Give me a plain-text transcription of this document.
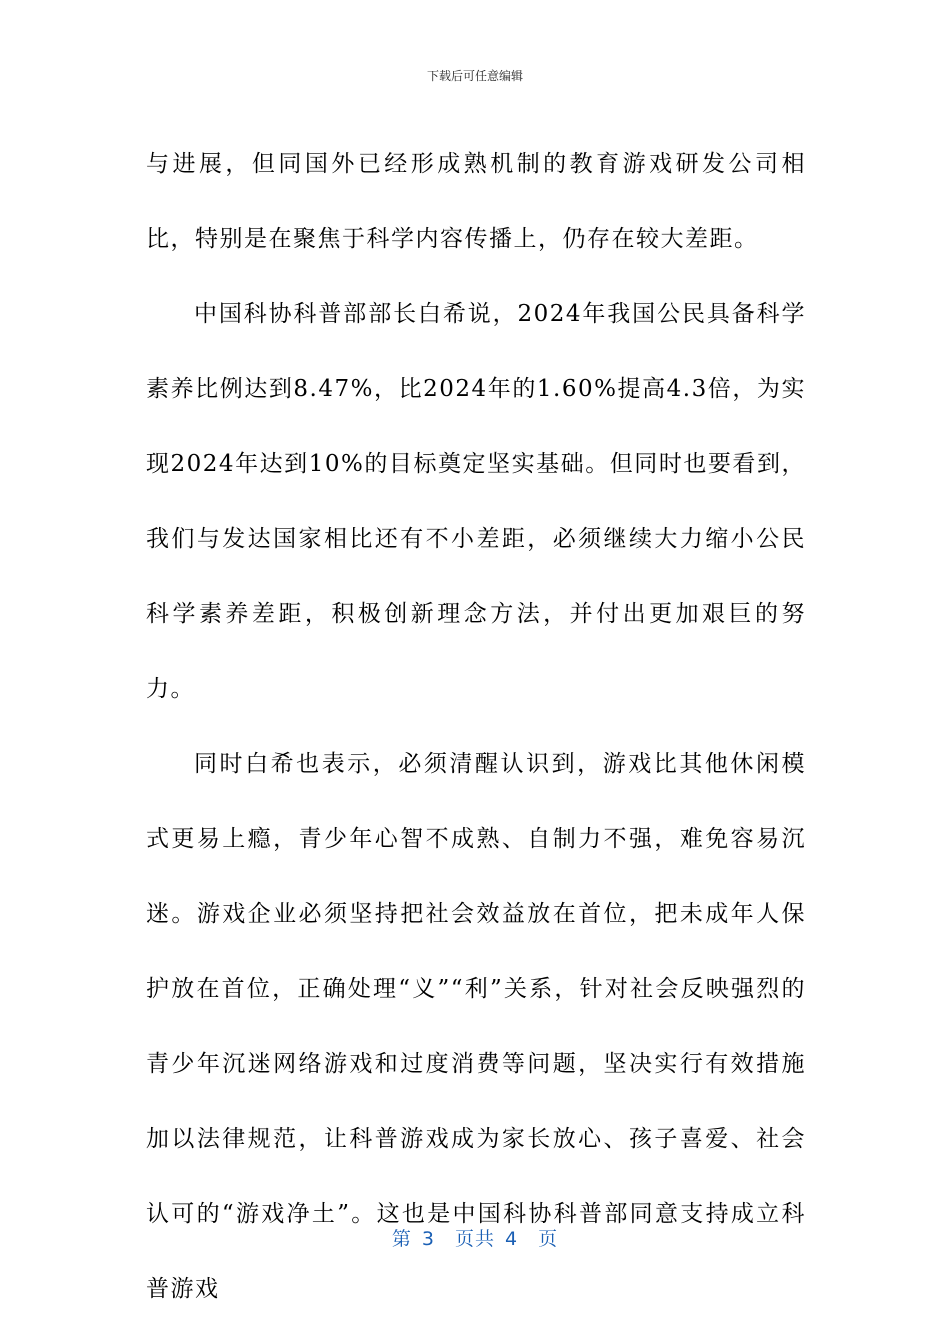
下载后可任意编辑

与进展，但同国外已经形成熟机制的教育游戏研发公司相比，特别是在聚焦于科学内容传播上，仍存在较大差距。

中国科协科普部部长白希说，2024年我国公民具备科学素养比例达到8.47%，比2024年的1.60%提高4.3倍，为实现2024年达到10%的目标奠定坚实基础。但同时也要看到，我们与发达国家相比还有不小差距，必须继续大力缩小公民科学素养差距，积极创新理念方法，并付出更加艰巨的努力。

同时白希也表示，必须清醒认识到，游戏比其他休闲模式更易上瘾，青少年心智不成熟、自制力不强，难免容易沉迷。游戏企业必须坚持把社会效益放在首位，把未成年人保护放在首位，正确处理“义”“利”关系，针对社会反映强烈的青少年沉迷网络游戏和过度消费等问题，坚决实行有效措施加以法律规范，让科普游戏成为家长放心、孩子喜爱、社会认可的“游戏净土”。这也是中国科协科普部同意支持成立科普游戏

第 3 页共 4 页
